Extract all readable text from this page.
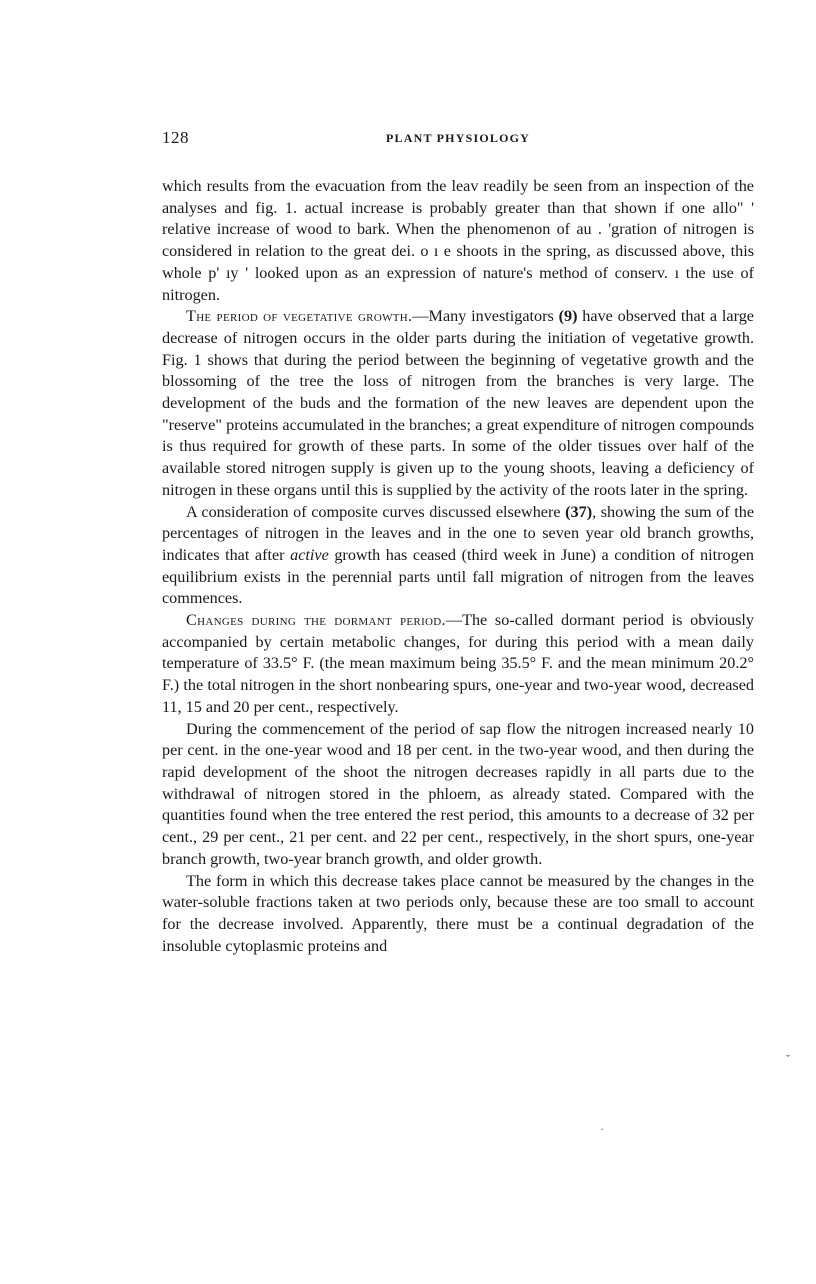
128	PLANT PHYSIOLOGY

which results from the evacuation from the leav readily be seen from an inspection of the analyses and fig. 1. actual increase is probably greater than that shown if one allo" ' relative increase of wood to bark. When the phenomenon of au . 'gration of nitrogen is considered in relation to the great dei. o ı e shoots in the spring, as discussed above, this whole p' ıy ' looked upon as an expression of nature's method of conserv. ı the use of nitrogen.

The period of vegetative growth.—Many investigators (9) have observed that a large decrease of nitrogen occurs in the older parts during the initiation of vegetative growth. Fig. 1 shows that during the period between the beginning of vegetative growth and the blossoming of the tree the loss of nitrogen from the branches is very large. The development of the buds and the formation of the new leaves are dependent upon the "reserve" proteins accumulated in the branches; a great expenditure of nitrogen compounds is thus required for growth of these parts. In some of the older tissues over half of the available stored nitrogen supply is given up to the young shoots, leaving a deficiency of nitrogen in these organs until this is supplied by the activity of the roots later in the spring.

A consideration of composite curves discussed elsewhere (37), showing the sum of the percentages of nitrogen in the leaves and in the one to seven year old branch growths, indicates that after active growth has ceased (third week in June) a condition of nitrogen equilibrium exists in the perennial parts until fall migration of nitrogen from the leaves commences.

Changes during the dormant period.—The so-called dormant period is obviously accompanied by certain metabolic changes, for during this period with a mean daily temperature of 33.5° F. (the mean maximum being 35.5° F. and the mean minimum 20.2° F.) the total nitrogen in the short nonbearing spurs, one-year and two-year wood, decreased 11, 15 and 20 per cent., respectively.

During the commencement of the period of sap flow the nitrogen increased nearly 10 per cent. in the one-year wood and 18 per cent. in the two-year wood, and then during the rapid development of the shoot the nitrogen decreases rapidly in all parts due to the withdrawal of nitrogen stored in the phloem, as already stated. Compared with the quantities found when the tree entered the rest period, this amounts to a decrease of 32 per cent., 29 per cent., 21 per cent. and 22 per cent., respectively, in the short spurs, one-year branch growth, two-year branch growth, and older growth.

The form in which this decrease takes place cannot be measured by the changes in the water-soluble fractions taken at two periods only, because these are too small to account for the decrease involved. Apparently, there must be a continual degradation of the insoluble cytoplasmic proteins and

ˇ
·
